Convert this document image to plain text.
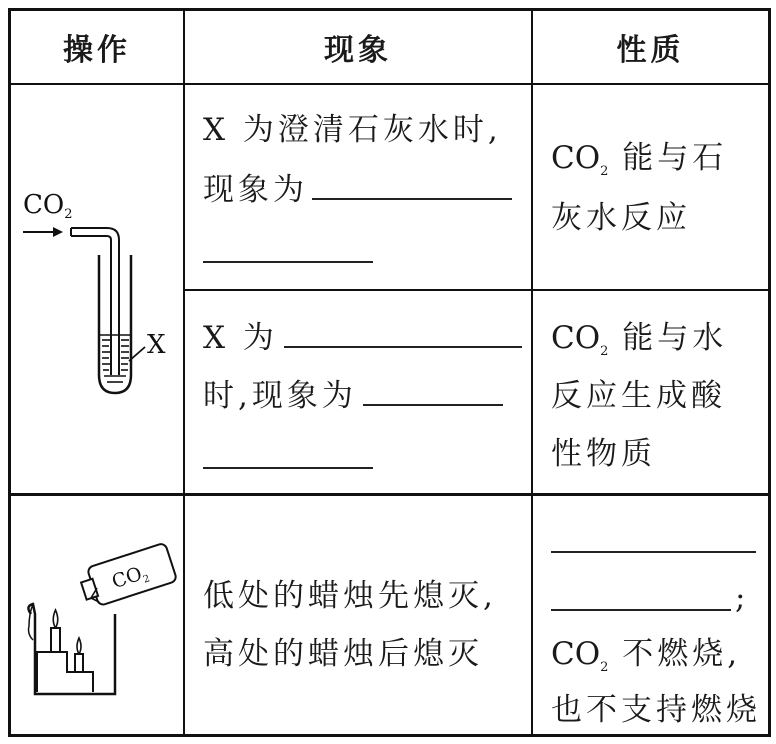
操作	现象	性质
CO2
X
$CO_2$
X 为澄清石灰水时,
现象为
$CO_2$ 能与石
灰水反应
X 为
时,现象为
$CO_2$ 能与水
反应生成酸
性物质
低处的蜡烛先熄灭,
高处的蜡烛后熄灭
;
$CO_2$ 不燃烧,
也不支持燃烧
